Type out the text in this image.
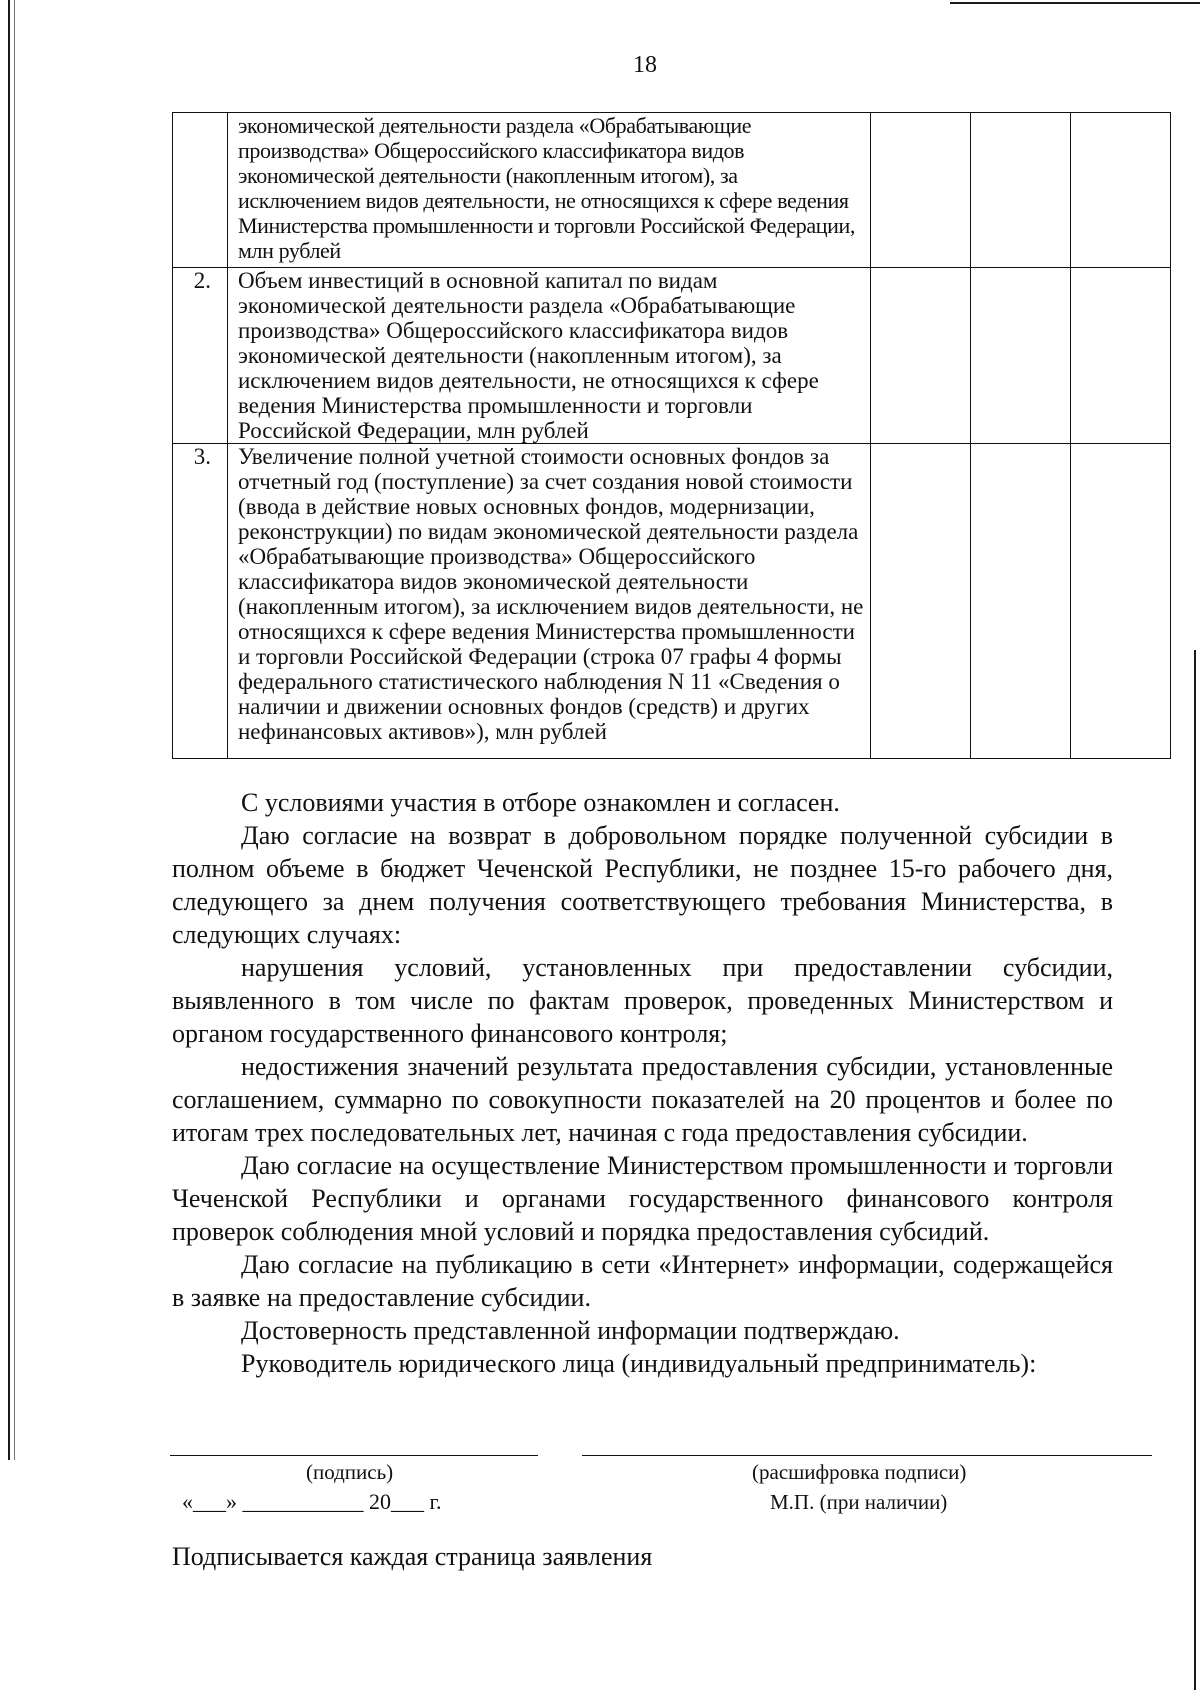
18
	экономической деятельности раздела «Обрабатывающие производства» Общероссийского классификатора видов экономической деятельности (накопленным итогом), за исключением видов деятельности, не относящихся к сфере ведения Министерства промышленности и торговли Российской Федерации, млн рублей			
2.	Объем инвестиций в основной капитал по видам экономической деятельности раздела «Обрабатывающие производства» Общероссийского классификатора видов экономической деятельности (накопленным итогом), за исключением видов деятельности, не относящихся к сфере ведения Министерства промышленности и торговли Российской Федерации, млн рублей			
3.	Увеличение полной учетной стоимости основных фондов за отчетный год (поступление) за счет создания новой стоимости (ввода в действие новых основных фондов, модернизации, реконструкции) по видам экономической деятельности раздела «Обрабатывающие производства» Общероссийского классификатора видов экономической деятельности (накопленным итогом), за исключением видов деятельности, не относящихся к сфере ведения Министерства промышленности и торговли Российской Федерации (строка 07 графы 4 формы федерального статистического наблюдения N 11 «Сведения о наличии и движении основных фондов (средств) и других нефинансовых активов»), млн рублей			

С условиями участия в отборе ознакомлен и согласен.

Даю согласие на возврат в добровольном порядке полученной субсидии в полном объеме в бюджет Чеченской Республики, не позднее 15-го рабочего дня, следующего за днем получения соответствующего требования Министерства, в следующих случаях:

нарушения условий, установленных при предоставлении субсидии, выявленного в том числе по фактам проверок, проведенных Министерством и органом государственного финансового контроля;

недостижения значений результата предоставления субсидии, установленные соглашением, суммарно по совокупности показателей на 20 процентов и более по итогам трех последовательных лет, начиная с года предоставления субсидии.

Даю согласие на осуществление Министерством промышленности и торговли Чеченской Республики и органами государственного финансового контроля проверок соблюдения мной условий и порядка предоставления субсидий.

Даю согласие на публикацию в сети «Интернет» информации, содержащейся в заявке на предоставление субсидии.

Достоверность представленной информации подтверждаю.

Руководитель юридического лица (индивидуальный предприниматель):

(подпись)	(расшифровка подписи)
«___» ___________ 20___ г.	М.П. (при наличии)
Подписывается каждая страница заявления
